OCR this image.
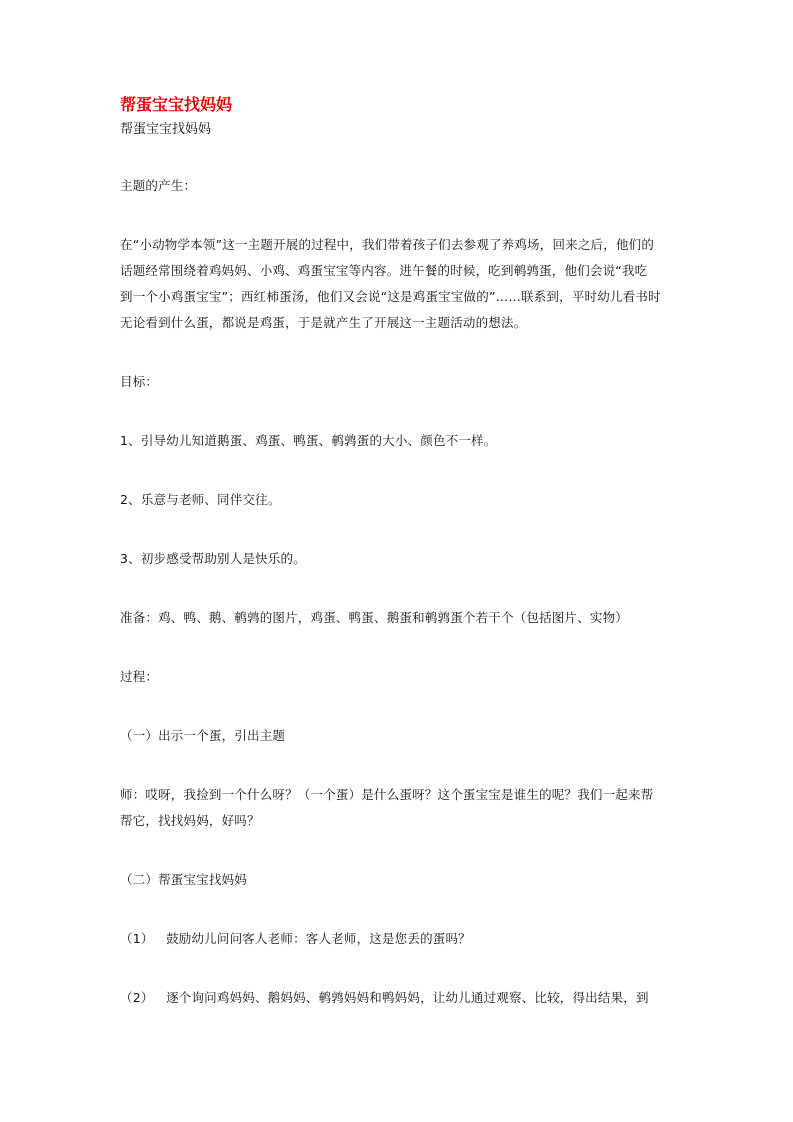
帮蛋宝宝找妈妈

帮蛋宝宝找妈妈

主题的产生：

在“小动物学本领”这一主题开展的过程中，我们带着孩子们去参观了养鸡场，回来之后，他们的

话题经常围绕着鸡妈妈、小鸡、鸡蛋宝宝等内容。进午餐的时候，吃到鹌鹑蛋，他们会说“我吃

到一个小鸡蛋宝宝”；西红柿蛋汤，他们又会说“这是鸡蛋宝宝做的”……联系到，平时幼儿看书时

无论看到什么蛋，都说是鸡蛋，于是就产生了开展这一主题活动的想法。

目标：

1、引导幼儿知道鹅蛋、鸡蛋、鸭蛋、鹌鹑蛋的大小、颜色不一样。

2、乐意与老师、同伴交往。

3、初步感受帮助别人是快乐的。

准备：鸡、鸭、鹅、鹌鹑的图片，鸡蛋、鸭蛋、鹅蛋和鹌鹑蛋个若干个（包括图片、实物）

过程：

（一）出示一个蛋，引出主题

师：哎呀，我捡到一个什么呀？（一个蛋）是什么蛋呀？这个蛋宝宝是谁生的呢？我们一起来帮

帮它，找找妈妈，好吗？

（二）帮蛋宝宝找妈妈

（1）   鼓励幼儿问问客人老师：客人老师，这是您丢的蛋吗？

（2）   逐个询问鸡妈妈、鹅妈妈、鹌鹑妈妈和鸭妈妈，让幼儿通过观察、比较，得出结果，到
